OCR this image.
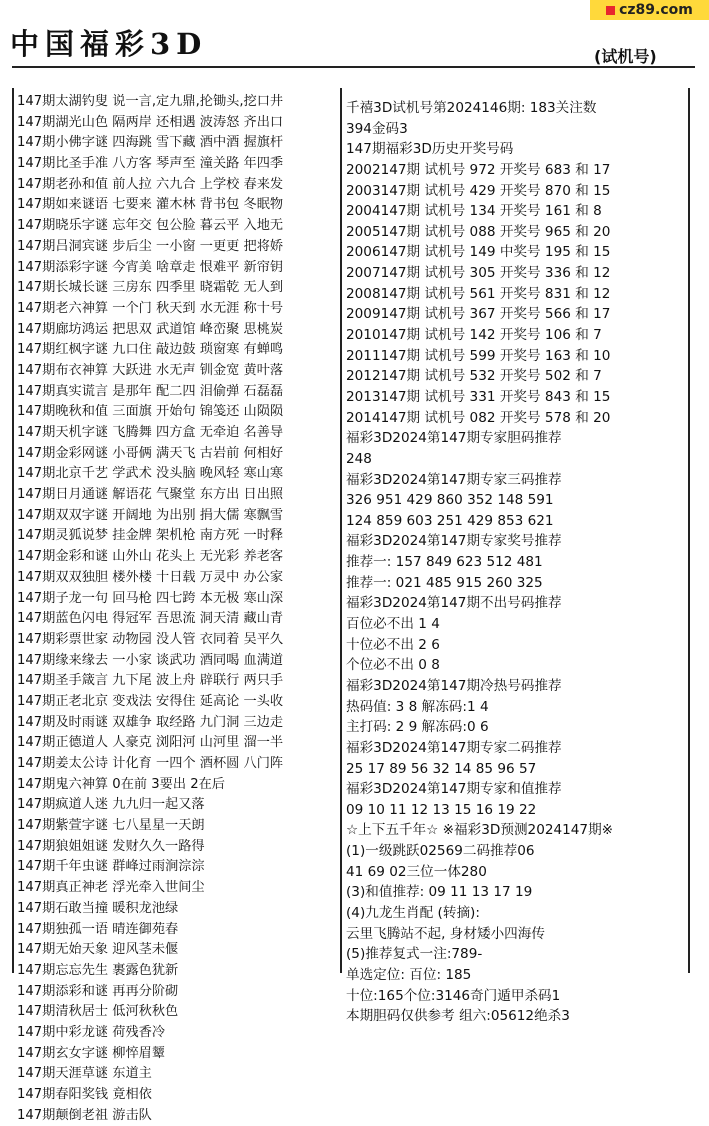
cz89.com
中国福彩3D	(试机号)
147期太湖钓叟 说一言,定九鼎,抡锄头,挖口井
147期湖光山色 隔两岸 还相遇 波涛怒 齐出口
147期小佛字谜 四海跳 雪下藏 酒中酒 握旗杆
147期比圣手准 八方客 琴声至 潼关路 年四季
147期老孙和值 前人拉 六九合 上学校 春来发
147期如来谜语 七要来 灌木林 背书包 冬眠物
147期晓乐字谜 忘年交 包公脸 暮云平 入地无
147期吕洞宾谜 步后尘 一小窗 一更更 把将娇
147期添彩字谜 今宵美 啥章走 恨难平 新帘钥
147期长城长谜 三房东 四季里 晓霜乾 无人到
147期老六神算 一个门 秋天到 水无涯 称十号
147期廊坊鸿运 把思双 武道馆 峰峦聚 思桃炭
147期红枫字谜 九口住 敲边鼓 琐窗寒 有蝉鸣
147期布衣神算 大跃进 水无声 钏金宽 黄叶落
147期真实谎言 是那年 配二四 泪偷弹 石磊磊
147期晚秋和值 三面旗 开始句 锦笺还 山陨陨
147期天机字谜 飞腾舞 四方盒 无牵迫 名善导
147期金彩网谜 小哥俩 满天飞 古岩前 何相好
147期北京千艺 学武术 没头脑 晚风轻 寒山寒
147期日月通谜 解语花 气聚堂 东方出 日出照
147期双双字谜 开阔地 为出别 捐大儒 寒飘雪
147期灵狐说梦 挂金牌 架机枪 南方死 一时释
147期金彩和谜 山外山 花头上 无光彩 养老客
147期双双独胆 楼外楼 十日载 万灵中 办公家
147期子龙一句 回马枪 四七跨 本无极 寒山深
147期蓝色闪电 得冠军 吾思流 洞天清 藏山青
147期彩票世家 动物园 没人管 衣同着 吴平久
147期缘来缘去 一小家 谈武功 酒同喝 血满道
147期圣手箴言 九下尾 波上舟 辟联行 两只手
147期正老北京 变戏法 安得住 延高论 一头收
147期及时雨谜 双雄争 取经路 九门洞 三边走
147期正德道人 人豪克 浏阳河 山河里 溜一半
147期姜太公诗 计化育 一四个 酒杯圆 八门阵
147期鬼六神算 0在前 3要出 2在后
147期疯道人迷 九九归一起又落
147期紫萱字谜 七八星星一天朗
147期狼姐姐谜 发财久久一路得
147期千年虫谜 群峰过雨涧淙淙
147期真正神老 浮光牵入世间尘
147期石敢当撞 暖积龙池绿
147期独孤一语 晴连御苑春
147期无始天象 迎风茎未偃
147期忘忘先生 裹露色犹新
147期添彩和谜 再再分阶砌
147期清秋居士 低河秋秋色
147期中彩龙谜 荷残香冷
147期玄女字谜 柳悴眉颦
147期天涯草谜 东道主
147期春阳奖钱 竟相依
147期颠倒老祖 游击队
千禧3D试机号第2024146期: 183关注数
394金码3
147期福彩3D历史开奖号码
2002147期 试机号 972 开奖号 683 和 17
2003147期 试机号 429 开奖号 870 和 15
2004147期 试机号 134 开奖号 161 和 8
2005147期 试机号 088 开奖号 965 和 20
2006147期 试机号 149 中奖号 195 和 15
2007147期 试机号 305 开奖号 336 和 12
2008147期 试机号 561 开奖号 831 和 12
2009147期 试机号 367 开奖号 566 和 17
2010147期 试机号 142 开奖号 106 和 7
2011147期 试机号 599 开奖号 163 和 10
2012147期 试机号 532 开奖号 502 和 7
2013147期 试机号 331 开奖号 843 和 15
2014147期 试机号 082 开奖号 578 和 20
福彩3D2024第147期专家胆码推荐
248
福彩3D2024第147期专家三码推荐
326 951 429 860 352 148 591
124 859 603 251 429 853 621
福彩3D2024第147期专家奖号推荐
推荐一: 157 849 623 512 481
推荐一: 021 485 915 260 325
福彩3D2024第147期不出号码推荐
百位必不出 1 4
十位必不出 2 6
个位必不出 0 8
福彩3D2024第147期冷热号码推荐
热码值: 3 8 解冻码:1 4
主打码: 2 9 解冻码:0 6
福彩3D2024第147期专家二码推荐
25 17 89 56 32 14 85 96 57
福彩3D2024第147期专家和值推荐
09 10 11 12 13 15 16 19 22
☆上下五千年☆ ※福彩3D预测2024147期※
(1)一级跳跃02569二码推荐06
41 69 02三位一体280
(3)和值推荐: 09 11 13 17 19
(4)九龙生肖配 (转摘):
云里飞腾站不起, 身材矮小四海传
(5)推荐复式一注:789-
单选定位: 百位: 185
十位:165个位:3146奇门遁甲杀码1
本期胆码仅供参考 组六:05612绝杀3
